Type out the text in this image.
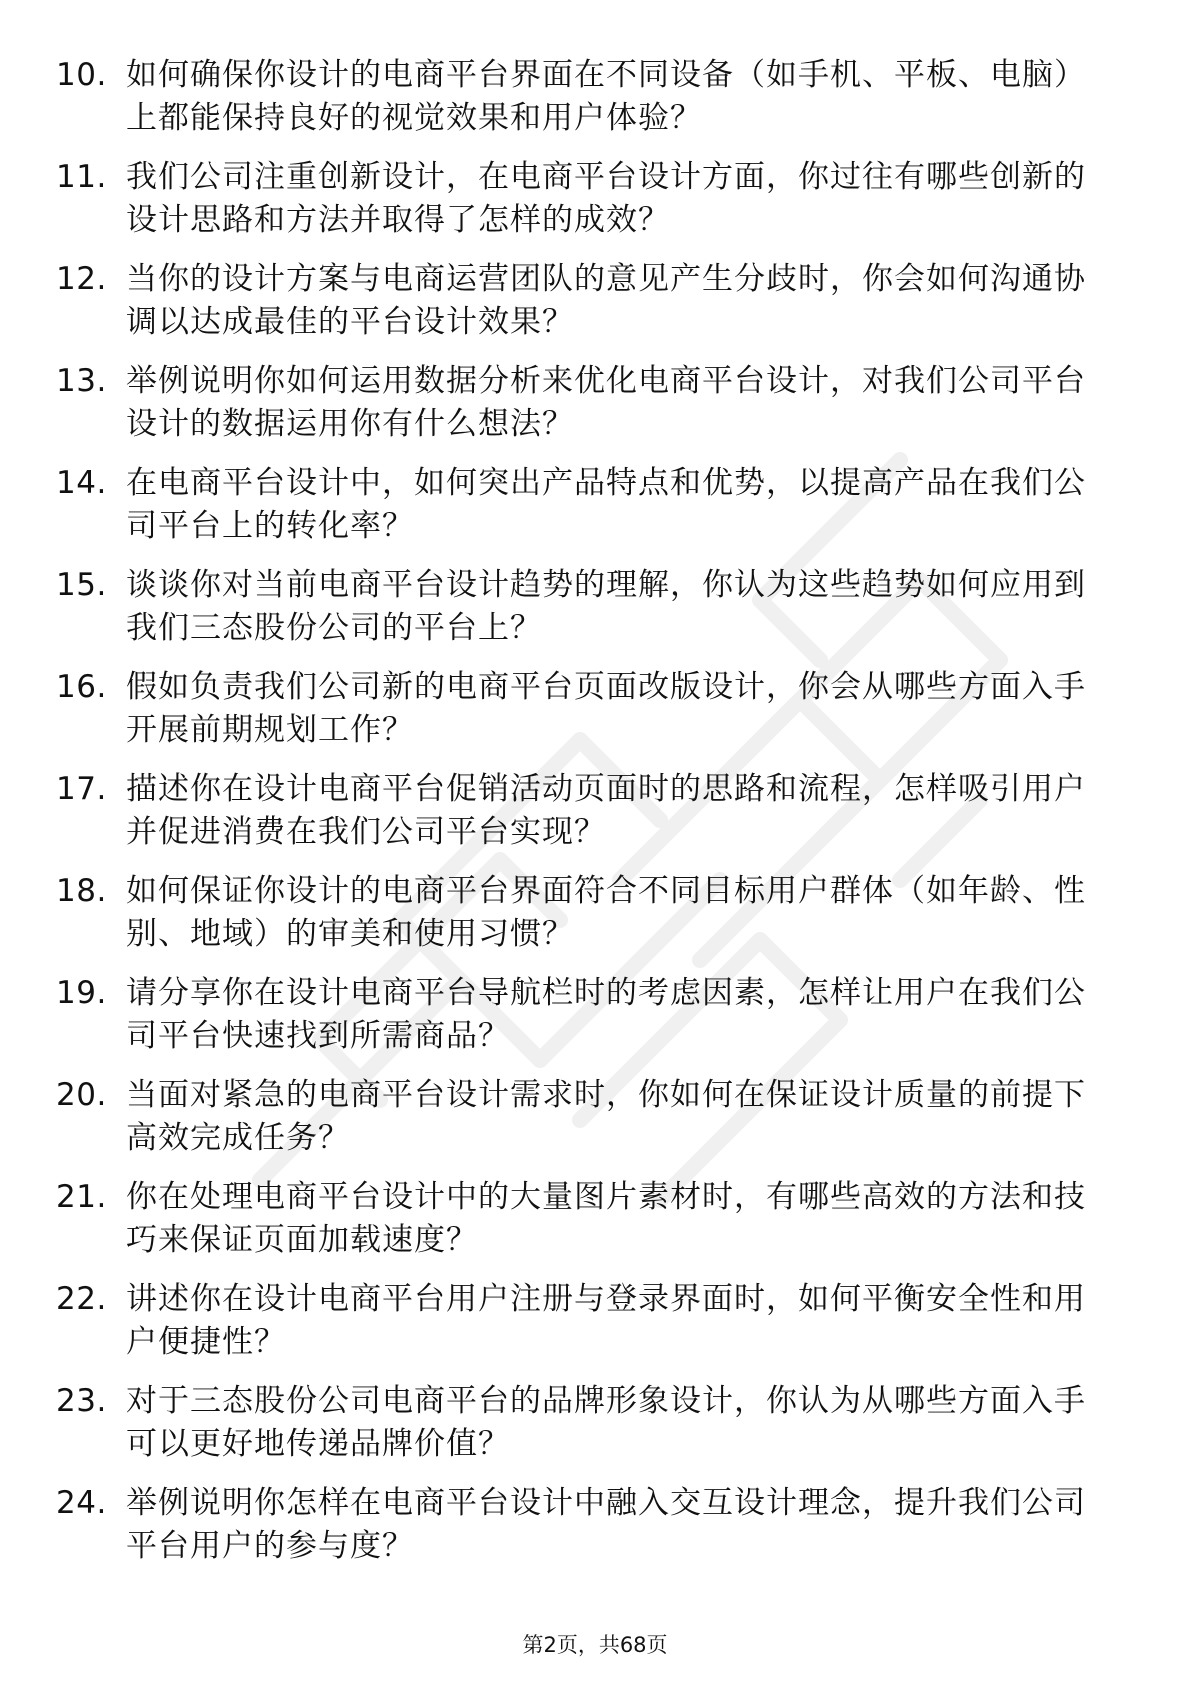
10. 如何确保你设计的电商平台界面在不同设备（如手机、平板、电脑）上都能保持良好的视觉效果和用户体验？
11. 我们公司注重创新设计，在电商平台设计方面，你过往有哪些创新的设计思路和方法并取得了怎样的成效？
12. 当你的设计方案与电商运营团队的意见产生分歧时，你会如何沟通协调以达成最佳的平台设计效果？
13. 举例说明你如何运用数据分析来优化电商平台设计，对我们公司平台设计的数据运用你有什么想法？
14. 在电商平台设计中，如何突出产品特点和优势，以提高产品在我们公司平台上的转化率？
15. 谈谈你对当前电商平台设计趋势的理解，你认为这些趋势如何应用到我们三态股份公司的平台上？
16. 假如负责我们公司新的电商平台页面改版设计，你会从哪些方面入手开展前期规划工作？
17. 描述你在设计电商平台促销活动页面时的思路和流程，怎样吸引用户并促进消费在我们公司平台实现？
18. 如何保证你设计的电商平台界面符合不同目标用户群体（如年龄、性别、地域）的审美和使用习惯？
19. 请分享你在设计电商平台导航栏时的考虑因素，怎样让用户在我们公司平台快速找到所需商品？
20. 当面对紧急的电商平台设计需求时，你如何在保证设计质量的前提下高效完成任务？
21. 你在处理电商平台设计中的大量图片素材时，有哪些高效的方法和技巧来保证页面加载速度？
22. 讲述你在设计电商平台用户注册与登录界面时，如何平衡安全性和用户便捷性？
23. 对于三态股份公司电商平台的品牌形象设计，你认为从哪些方面入手可以更好地传递品牌价值？
24. 举例说明你怎样在电商平台设计中融入交互设计理念，提升我们公司平台用户的参与度？
第2页，共68页
